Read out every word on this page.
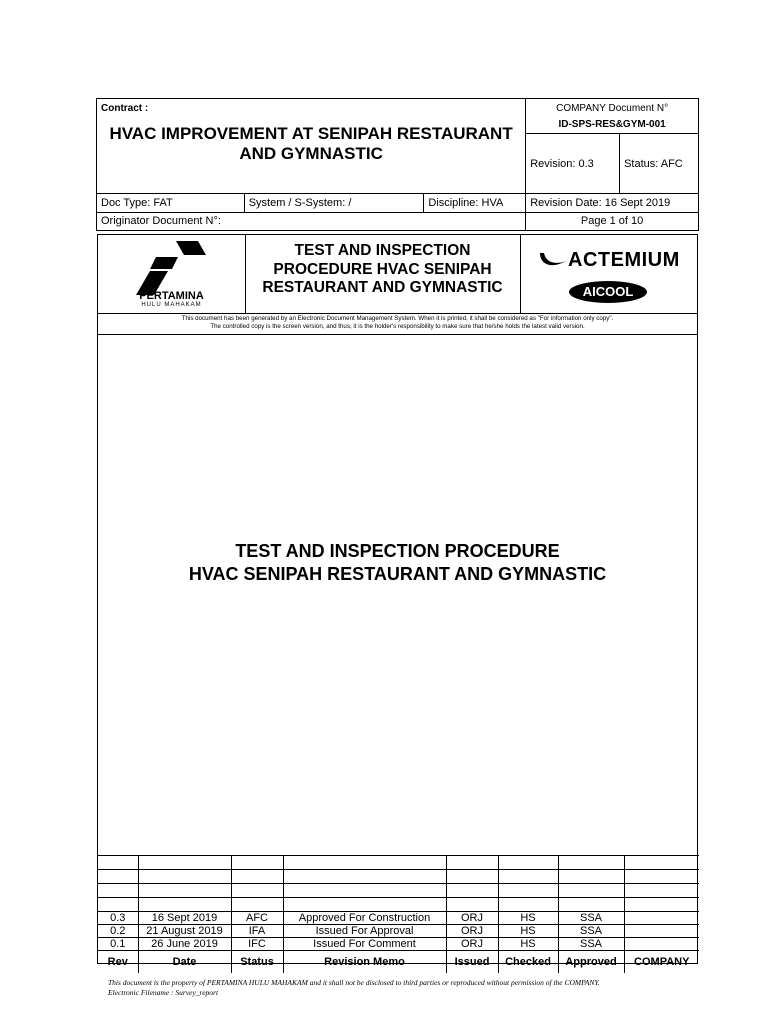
Contract :
HVAC IMPROVEMENT AT SENIPAH RESTAURANT
AND GYMNASTIC			COMPANY Document N°
ID-SPS-RES&GYM-001	

			Revision: 0.3	Status: AFC
Doc Type: FAT	System / S-System: /	Discipline: HVA	Revision Date: 16 Sept 2019	
Originator Document N°:			Page 1 of 10	
PERTAMINA
HULU MAHAKAM
TEST AND INSPECTION
PROCEDURE HVAC SENIPAH
RESTAURANT AND GYMNASTIC
ACTEMIUM
AICOOL
This document has been generated by an Electronic Document Management System. When it is printed, it shall be considered as "For information only copy".
The controlled copy is the screen version, and thus, it is the holder's responsibility to make sure that he/she holds the latest valid version.
TEST AND INSPECTION PROCEDURE
HVAC SENIPAH RESTAURANT AND GYMNASTIC

0.3	16 Sept 2019	AFC	Approved For Construction	ORJ	HS	SSA	
0.2	21 August 2019	IFA	Issued For Approval	ORJ	HS	SSA	
0.1	26 June 2019	IFC	Issued For Comment	ORJ	HS	SSA	
Rev	Date	Status	Revision Memo	Issued	Checked	Approved	COMPANY
This document is the property of PERTAMINA HULU MAHAKAM and it shall not be disclosed to third parties or reproduced without permission of the COMPANY.
Electronic Filename : Survey_report
